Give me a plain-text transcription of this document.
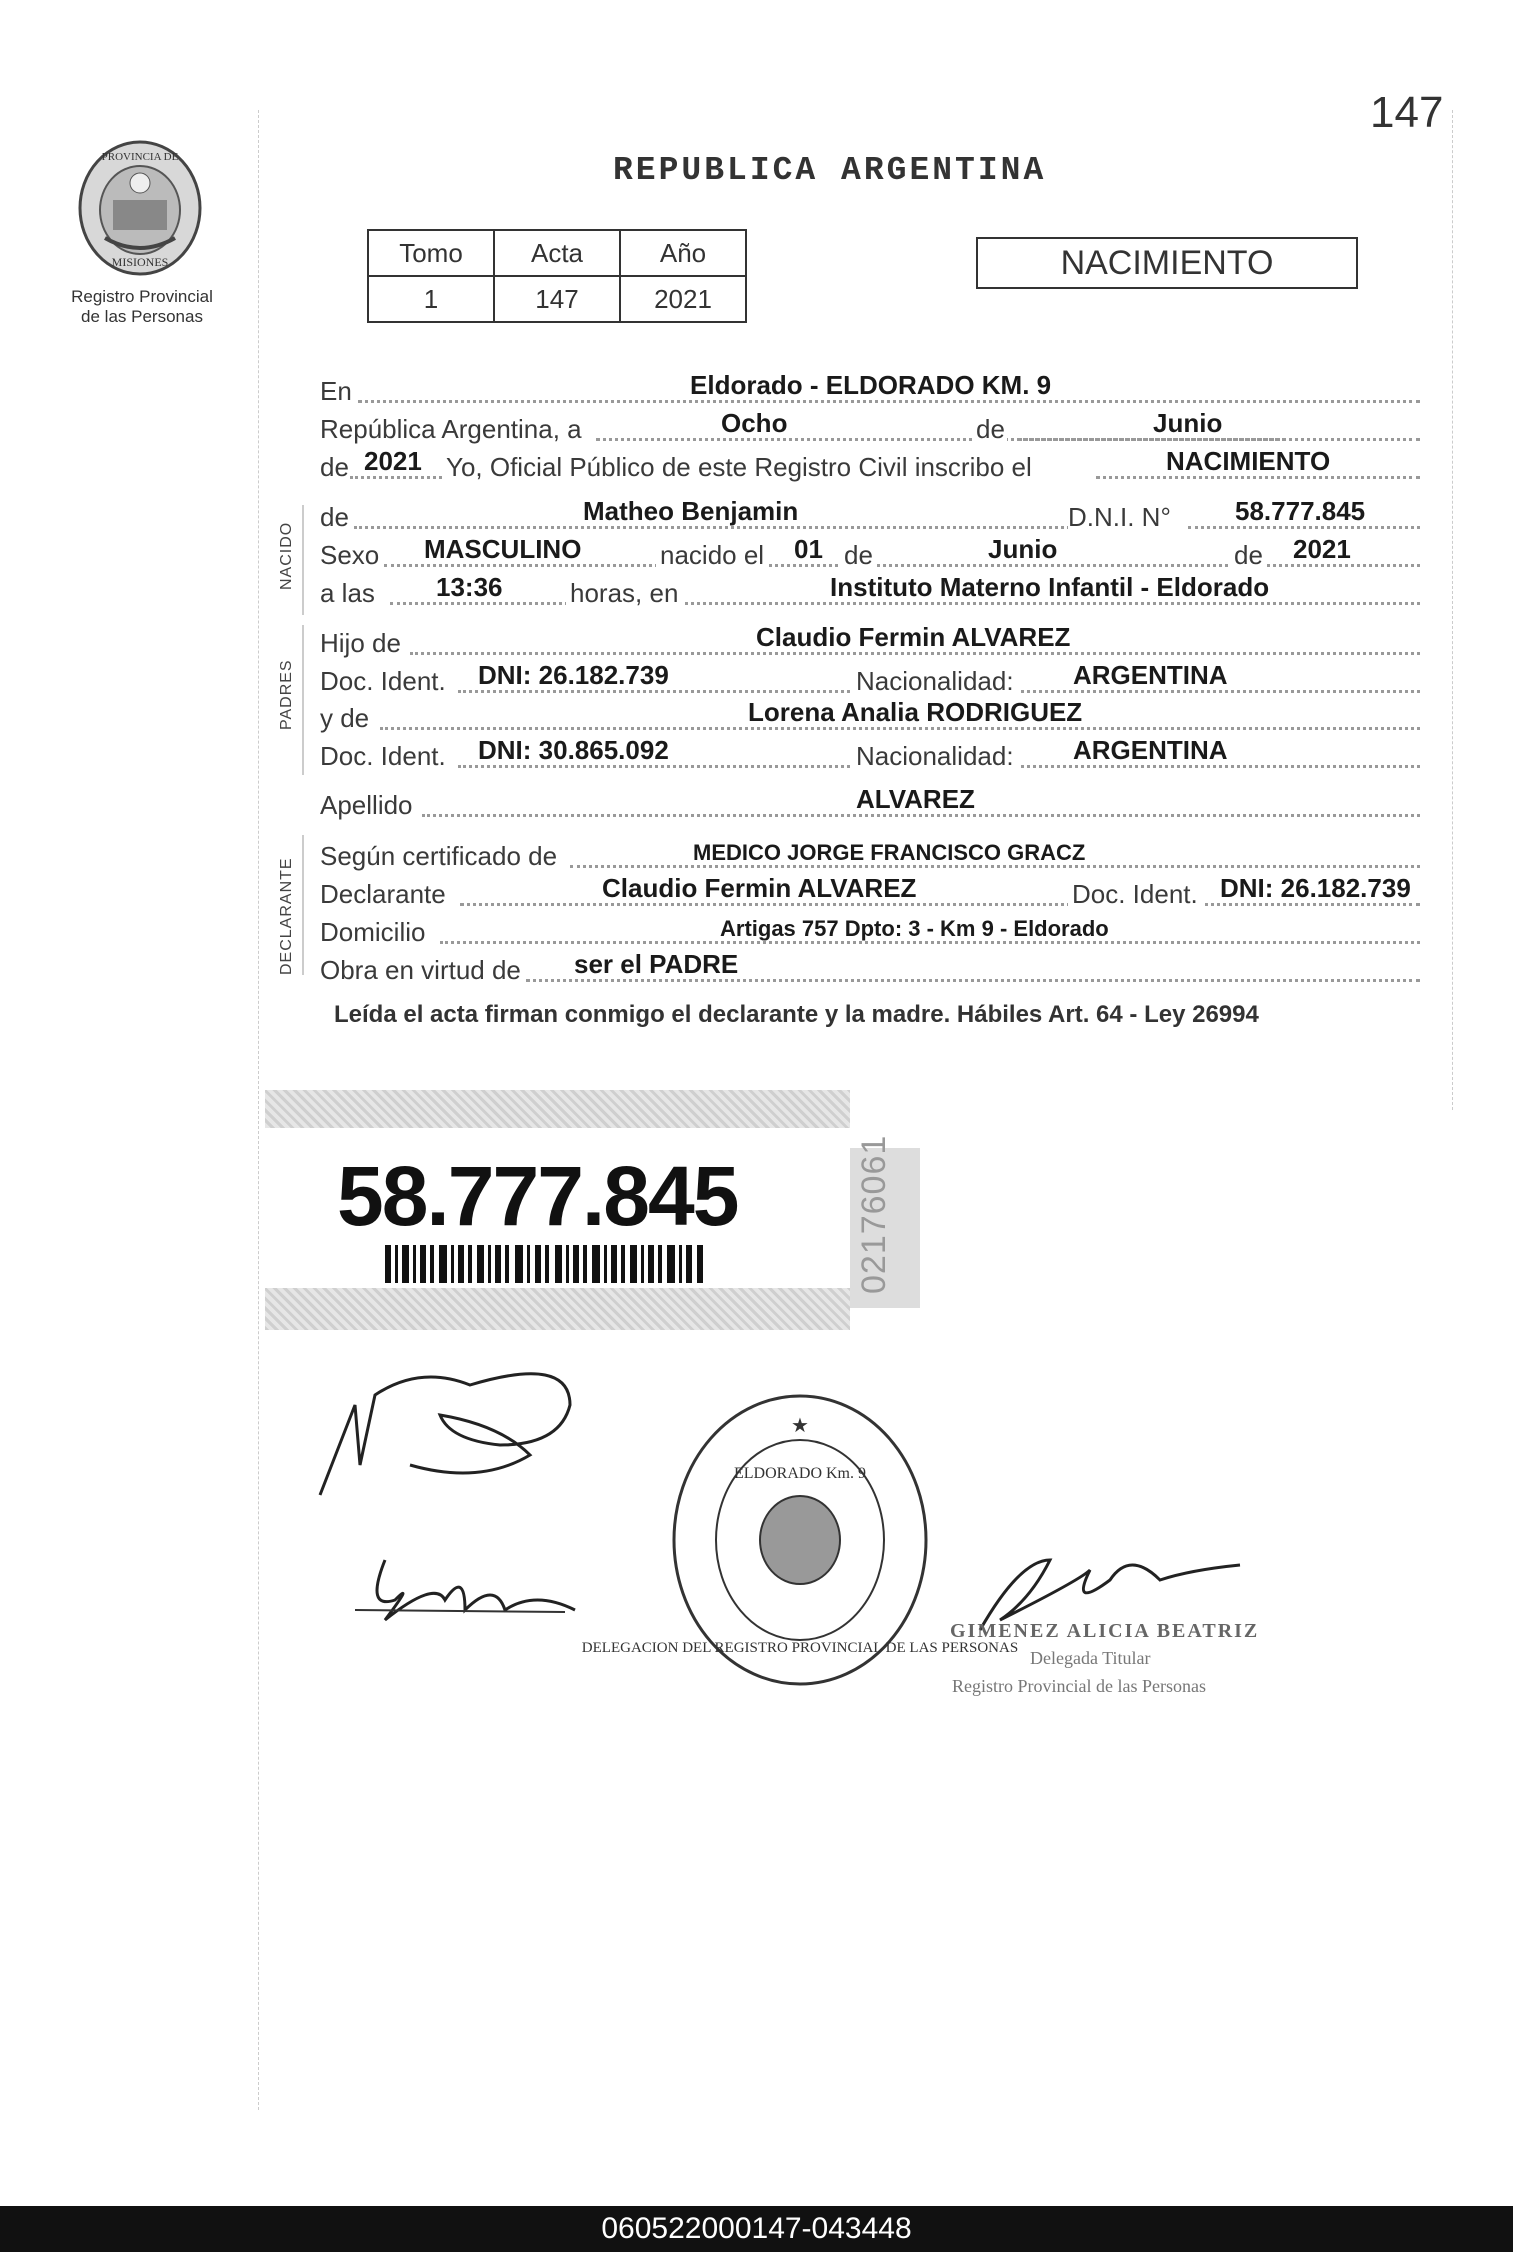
147
PROVINCIA DE
MISIONES
Registro Provincial
de las Personas
REPUBLICA ARGENTINA
Tomo	Acta	Año
1	147	2021
NACIMIENTO
NACIDO
PADRES
DECLARANTE
En	Eldorado - ELDORADO KM. 9
República Argentina, a	Ocho	de	Junio
de 2021 Yo, Oficial Público de este Registro Civil inscribo el	NACIMIENTO
de	Matheo Benjamin	D.N.I. N° 58.777.845
Sexo MASCULINO	nacido el 01 de	Junio	de 2021
a las 13:36	horas, en	Instituto Materno Infantil - Eldorado
Hijo de	Claudio Fermin ALVAREZ
Doc. Ident. DNI: 26.182.739	Nacionalidad: ARGENTINA
y de	Lorena Analia RODRIGUEZ
Doc. Ident. DNI: 30.865.092	Nacionalidad: ARGENTINA
Apellido	ALVAREZ
Según certificado de	MEDICO JORGE FRANCISCO GRACZ
Declarante	Claudio Fermin ALVAREZ	Doc. Ident. DNI: 26.182.739
Domicilio	Artigas 757 Dpto: 3 - Km 9 - Eldorado
Obra en virtud de ser el PADRE
Leída el acta firman conmigo el declarante y la madre. Hábiles Art. 64 - Ley 26994
58.777.845	02176061
★
DELEGACION DEL REGISTRO PROVINCIAL DE LAS PERSONAS
ELDORADO Km. 9
GIMENEZ ALICIA BEATRIZ
Delegada Titular
Registro Provincial de las Personas
060522000147-043448
